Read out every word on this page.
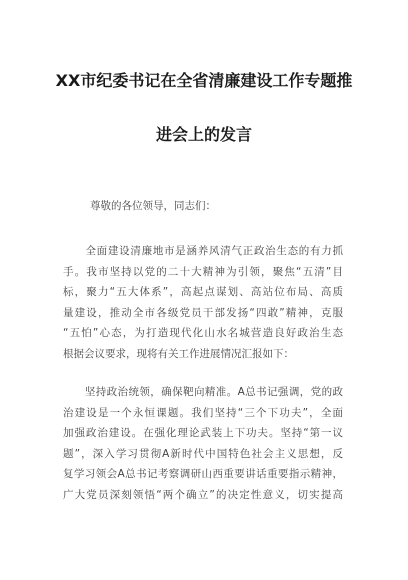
XX市纪委书记在全省清廉建设工作专题推
进会上的发言
尊敬的各位领导，同志们：
　　全面建设清廉地市是涵养风清气正政治生态的有力抓
手。我市坚持以党的二十大精神为引领，聚焦“五清”目
标，聚力“五大体系”，高起点谋划、高站位布局、高质
量建设，推动全市各级党员干部发扬“四敢”精神，克服
“五怕”心态，为打造现代化山水名城营造良好政治生态
根据会议要求，现将有关工作进展情况汇报如下：
　　坚持政治统领，确保靶向精准。A总书记强调，党的政
治建设是一个永恒课题。我们坚持“三个下功夫”，全面
加强政治建设。在强化理论武装上下功夫。坚持“第一议
题”，深入学习贯彻A新时代中国特色社会主义思想，反
复学习领会A总书记考察调研山西重要讲话重要指示精神，
广大党员深刻领悟“两个确立”的决定性意义，切实提高
